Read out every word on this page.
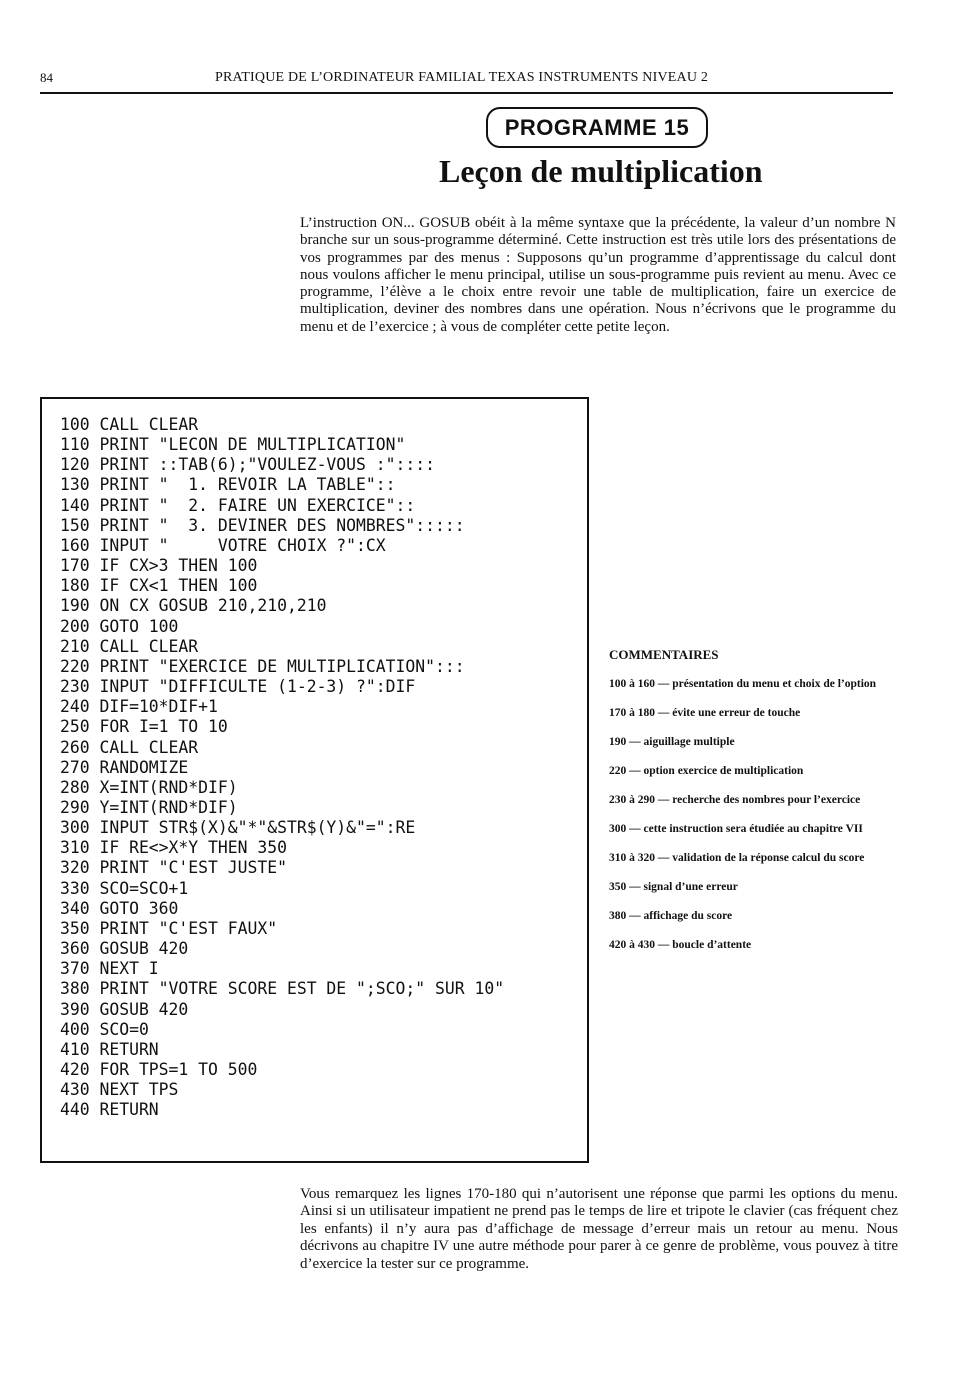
84	PRATIQUE DE L’ORDINATEUR FAMILIAL TEXAS INSTRUMENTS NIVEAU 2
PROGRAMME 15
Leçon de multiplication
L’instruction ON... GOSUB obéit à la même syntaxe que la précédente, la valeur d’un nombre N branche sur un sous-programme déterminé. Cette instruction est très utile lors des présentations de vos programmes par des menus : Supposons qu’un programme d’apprentissage du calcul dont nous voulons afficher le menu principal, utilise un sous-programme puis revient au menu. Avec ce programme, l’élève a le choix entre revoir une table de multiplication, faire un exercice de multiplication, deviner des nombres dans une opération. Nous n’écrivons que le programme du menu et de l’exercice ; à vous de compléter cette petite leçon.
100 CALL CLEAR
110 PRINT "LECON DE MULTIPLICATION"
120 PRINT ::TAB(6);"VOULEZ-VOUS :"::::
130 PRINT "  1. REVOIR LA TABLE"::
140 PRINT "  2. FAIRE UN EXERCICE"::
150 PRINT "  3. DEVINER DES NOMBRES":::::
160 INPUT "     VOTRE CHOIX ?":CX
170 IF CX>3 THEN 100
180 IF CX<1 THEN 100
190 ON CX GOSUB 210,210,210
200 GOTO 100
210 CALL CLEAR
220 PRINT "EXERCICE DE MULTIPLICATION":::
230 INPUT "DIFFICULTE (1-2-3) ?":DIF
240 DIF=10*DIF+1
250 FOR I=1 TO 10
260 CALL CLEAR
270 RANDOMIZE
280 X=INT(RND*DIF)
290 Y=INT(RND*DIF)
300 INPUT STR$(X)&"*"&STR$(Y)&"=":RE
310 IF RE<>X*Y THEN 350
320 PRINT "C'EST JUSTE"
330 SCO=SCO+1
340 GOTO 360
350 PRINT "C'EST FAUX"
360 GOSUB 420
370 NEXT I
380 PRINT "VOTRE SCORE EST DE ";SCO;" SUR 10"
390 GOSUB 420
400 SCO=0
410 RETURN
420 FOR TPS=1 TO 500
430 NEXT TPS
440 RETURN
COMMENTAIRES
100 à 160 — présentation du menu et choix de l’option
170 à 180 — évite une erreur de touche
190 — aiguillage multiple
220 — option exercice de multiplication
230 à 290 — recherche des nombres pour l’exercice
300 — cette instruction sera étudiée au chapitre VII
310 à 320 — validation de la réponse calcul du score
350 — signal d’une erreur
380 — affichage du score
420 à 430 — boucle d’attente
Vous remarquez les lignes 170-180 qui n’autorisent une réponse que parmi les options du menu. Ainsi si un utilisateur impatient ne prend pas le temps de lire et tripote le clavier (cas fréquent chez les enfants) il n’y aura pas d’affichage de message d’erreur mais un retour au menu. Nous décrivons au chapitre IV une autre méthode pour parer à ce genre de problème, vous pouvez à titre d’exercice la tester sur ce programme.
